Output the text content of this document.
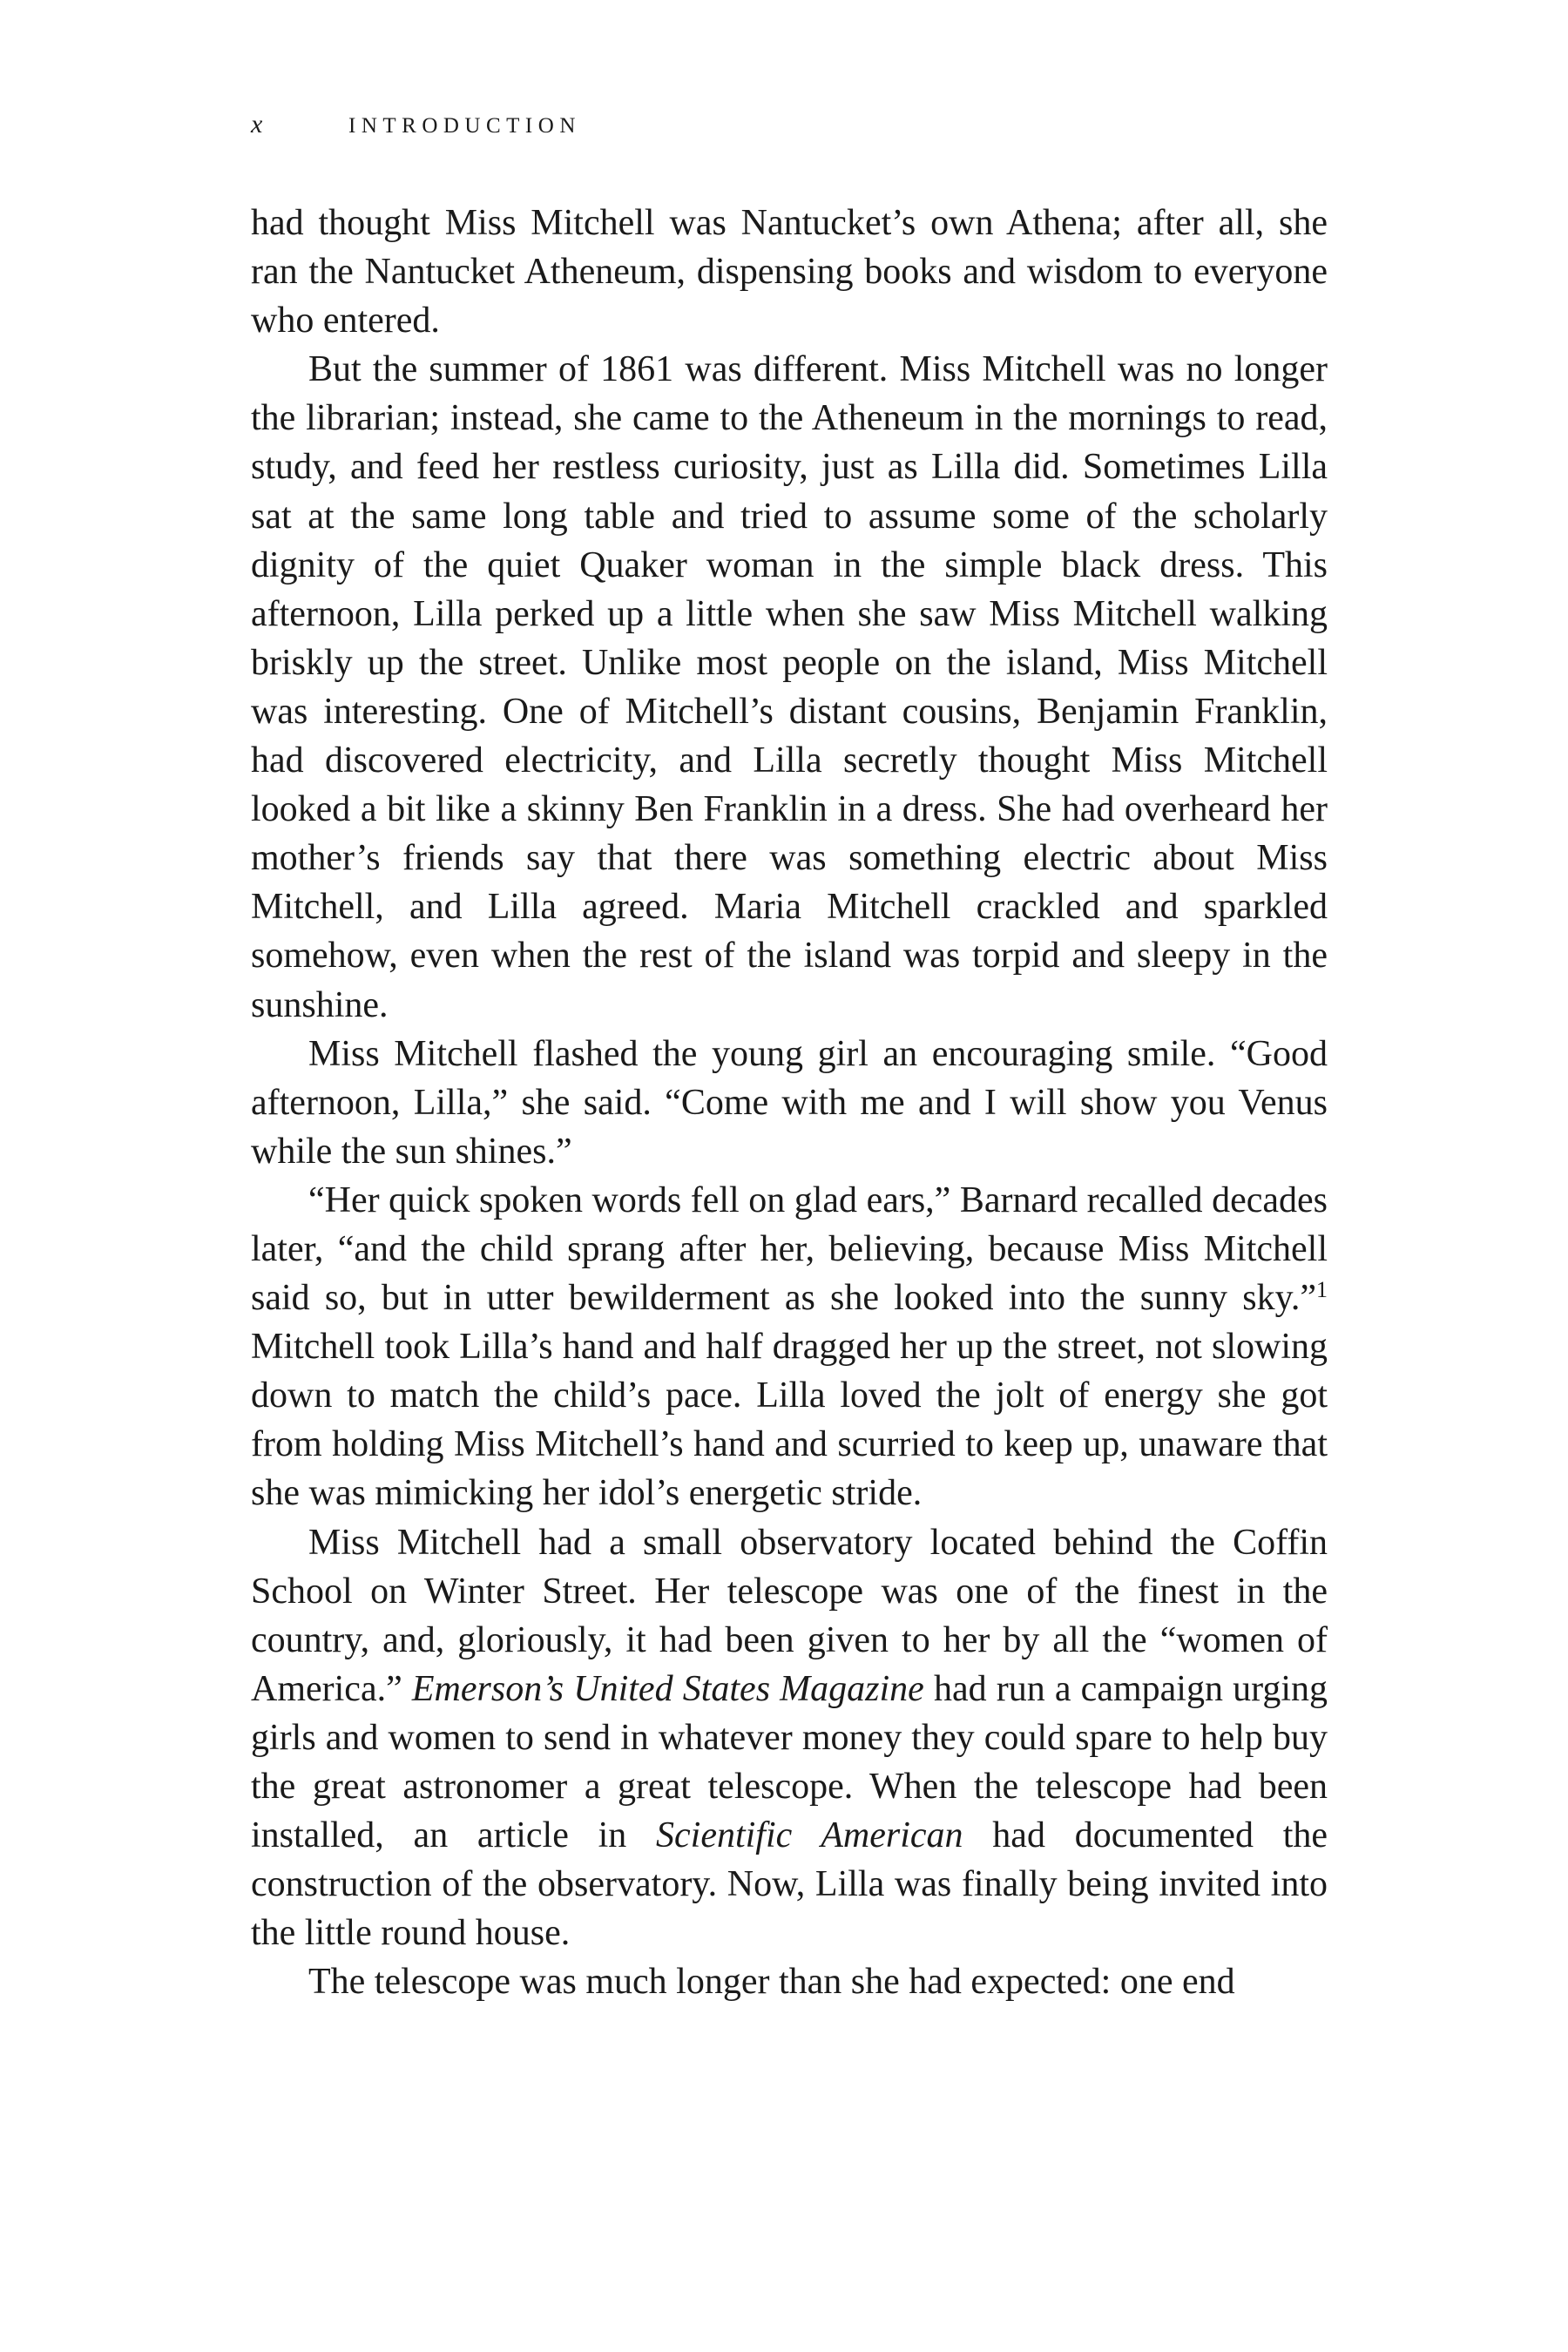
x	INTRODUCTION

had thought Miss Mitchell was Nantucket’s own Athena; after all, she ran the Nantucket Atheneum, dispensing books and wisdom to everyone who entered.

But the summer of 1861 was different. Miss Mitchell was no longer the librarian; instead, she came to the Atheneum in the mornings to read, study, and feed her restless curiosity, just as Lilla did. Sometimes Lilla sat at the same long table and tried to assume some of the scholarly dignity of the quiet Quaker woman in the simple black dress. This afternoon, Lilla perked up a little when she saw Miss Mitchell walking briskly up the street. Unlike most people on the island, Miss Mitchell was interesting. One of Mitchell’s distant cousins, Benjamin Franklin, had discovered electricity, and Lilla secretly thought Miss Mitchell looked a bit like a skinny Ben Franklin in a dress. She had overheard her mother’s friends say that there was something electric about Miss Mitchell, and Lilla agreed. Maria Mitchell crackled and sparkled somehow, even when the rest of the island was torpid and sleepy in the sunshine.

Miss Mitchell flashed the young girl an encouraging smile. “Good afternoon, Lilla,” she said. “Come with me and I will show you Venus while the sun shines.”

“Her quick spoken words fell on glad ears,” Barnard recalled decades later, “and the child sprang after her, believing, because Miss Mitchell said so, but in utter bewilderment as she looked into the sunny sky.”$^1$ Mitchell took Lilla’s hand and half dragged her up the street, not slowing down to match the child’s pace. Lilla loved the jolt of energy she got from holding Miss Mitchell’s hand and scurried to keep up, unaware that she was mimicking her idol’s energetic stride.

Miss Mitchell had a small observatory located behind the Coffin School on Winter Street. Her telescope was one of the finest in the country, and, gloriously, it had been given to her by all the “women of America.” Emerson’s United States Magazine had run a campaign urging girls and women to send in whatever money they could spare to help buy the great astronomer a great telescope. When the telescope had been installed, an article in Scientific American had documented the construction of the observatory. Now, Lilla was finally being invited into the little round house.

The telescope was much longer than she had expected: one end
